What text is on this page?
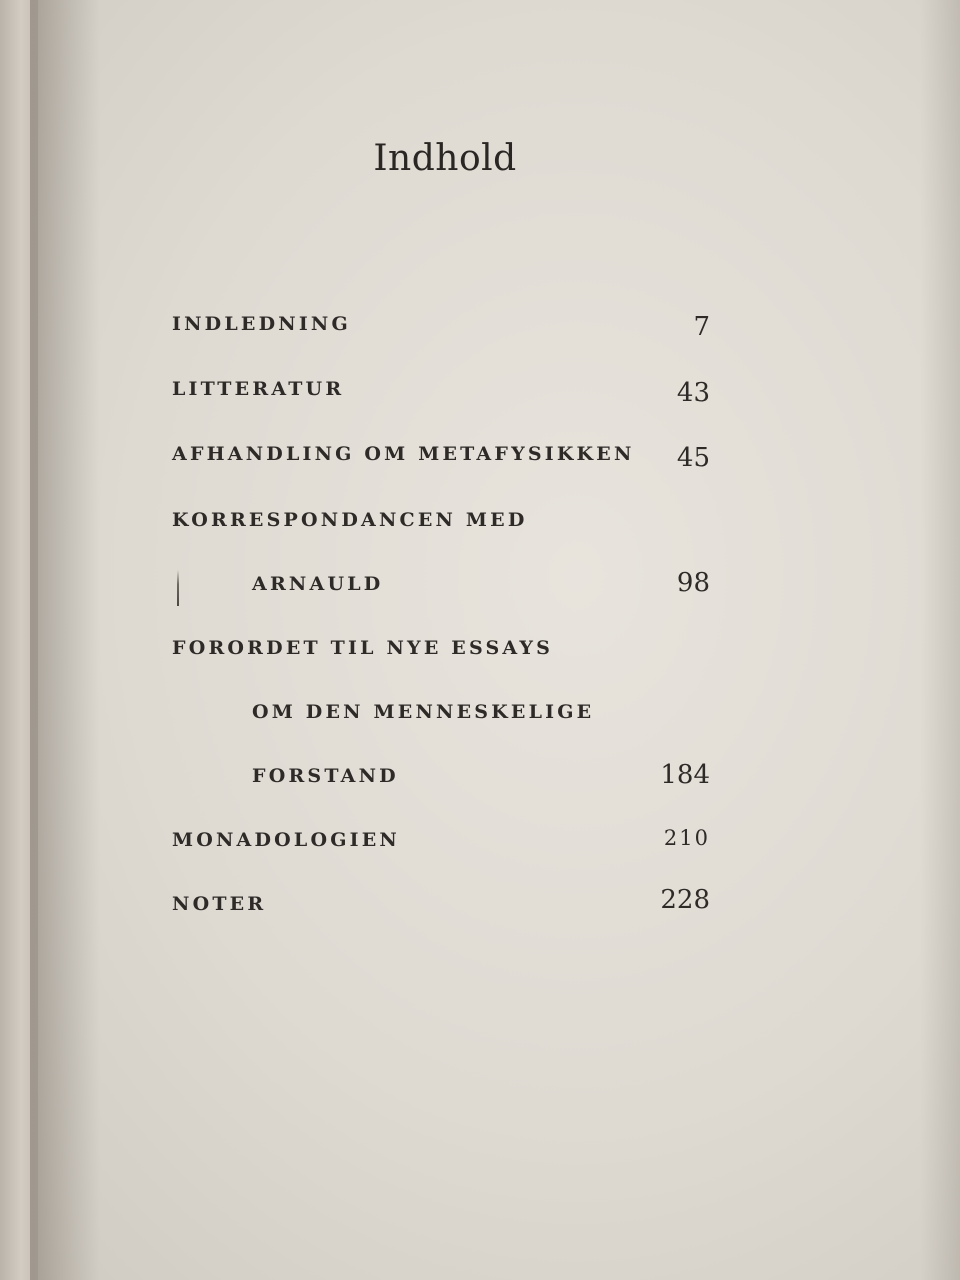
Indhold
INDLEDNING	7
LITTERATUR	43
AFHANDLING OM METAFYSIKKEN	45
KORRESPONDANCEN MED
ARNAULD	98
FORORDET TIL NYE ESSAYS
OM DEN MENNESKELIGE
FORSTAND	184
MONADOLOGIEN	210
NOTER	228
